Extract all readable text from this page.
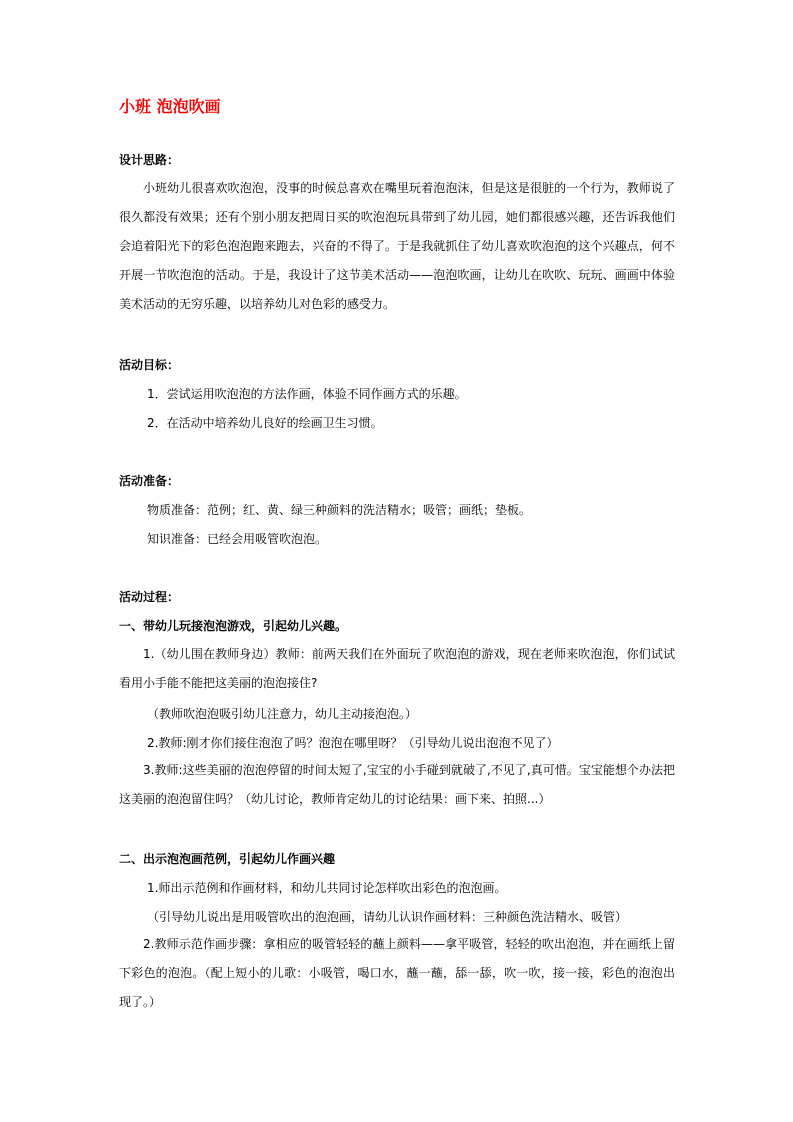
小班 泡泡吹画
设计思路：
小班幼儿很喜欢吹泡泡，没事的时候总喜欢在嘴里玩着泡泡沫，但是这是很脏的一个行为，教师说了很久都没有效果；还有个别小朋友把周日买的吹泡泡玩具带到了幼儿园，她们都很感兴趣，还告诉我他们会追着阳光下的彩色泡泡跑来跑去，兴奋的不得了。于是我就抓住了幼儿喜欢吹泡泡的这个兴趣点，何不开展一节吹泡泡的活动。于是，我设计了这节美术活动——泡泡吹画，让幼儿在吹吹、玩玩、画画中体验美术活动的无穷乐趣，以培养幼儿对色彩的感受力。
活动目标：
1．尝试运用吹泡泡的方法作画，体验不同作画方式的乐趣。
2．在活动中培养幼儿良好的绘画卫生习惯。
活动准备：
物质准备：范例；红、黄、绿三种颜料的洗洁精水；吸管；画纸；垫板。
知识准备：已经会用吸管吹泡泡。
活动过程：
一、带幼儿玩接泡泡游戏，引起幼儿兴趣。
1.（幼儿围在教师身边）教师：前两天我们在外面玩了吹泡泡的游戏，现在老师来吹泡泡，你们试试看用小手能不能把这美丽的泡泡接住?
（教师吹泡泡吸引幼儿注意力，幼儿主动接泡泡。）
2.教师:刚才你们接住泡泡了吗？泡泡在哪里呀？（引导幼儿说出泡泡不见了）
3.教师:这些美丽的泡泡停留的时间太短了,宝宝的小手碰到就破了,不见了,真可惜。宝宝能想个办法把这美丽的泡泡留住吗？（幼儿讨论，教师肯定幼儿的讨论结果：画下来、拍照...）
二、出示泡泡画范例，引起幼儿作画兴趣
1.师出示范例和作画材料，和幼儿共同讨论怎样吹出彩色的泡泡画。
（引导幼儿说出是用吸管吹出的泡泡画，请幼儿认识作画材料：三种颜色洗洁精水、吸管）
2.教师示范作画步骤：拿相应的吸管轻轻的蘸上颜料——拿平吸管，轻轻的吹出泡泡，并在画纸上留下彩色的泡泡。（配上短小的儿歌：小吸管，喝口水，蘸一蘸，舔一舔，吹一吹，接一接，彩色的泡泡出现了。）
